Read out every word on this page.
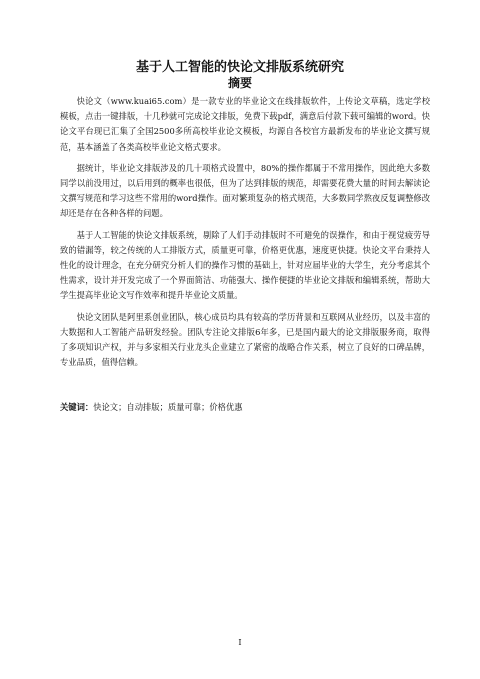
基于人工智能的快论文排版系统研究
摘要

快论文（www.kuai65.com）是一款专业的毕业论文在线排版软件，上传论文草稿，选定学校模板，点击一键排版，十几秒就可完成论文排版，免费下载pdf，满意后付款下载可编辑的word。快论文平台现已汇集了全国2500多所高校毕业论文模板，均源自各校官方最新发布的毕业论文撰写规范，基本涵盖了各类高校毕业论文格式要求。

据统计，毕业论文排版涉及的几十项格式设置中，80%的操作都属于不常用操作，因此绝大多数同学以前没用过，以后用到的概率也很低，但为了达到排版的规范，却需要花费大量的时间去解读论文撰写规范和学习这些不常用的word操作。面对繁琐复杂的格式规范，大多数同学熬夜反复调整修改却还是存在各种各样的问题。

基于人工智能的快论文排版系统，剔除了人们手动排版时不可避免的误操作，和由于视觉疲劳导致的错漏等，较之传统的人工排版方式，质量更可靠，价格更优惠，速度更快捷。快论文平台秉持人性化的设计理念，在充分研究分析人们的操作习惯的基础上，针对应届毕业的大学生，充分考虑其个性需求，设计并开发完成了一个界面简洁、功能强大、操作便捷的毕业论文排版和编辑系统，帮助大学生提高毕业论文写作效率和提升毕业论文质量。

快论文团队是阿里系创业团队，核心成员均具有较高的学历背景和互联网从业经历，以及丰富的大数据和人工智能产品研发经验。团队专注论文排版6年多，已是国内最大的论文排版服务商，取得了多项知识产权，并与多家相关行业龙头企业建立了紧密的战略合作关系，树立了良好的口碑品牌，专业品质，值得信赖。

关键词：快论文；自动排版；质量可靠；价格优惠
I
